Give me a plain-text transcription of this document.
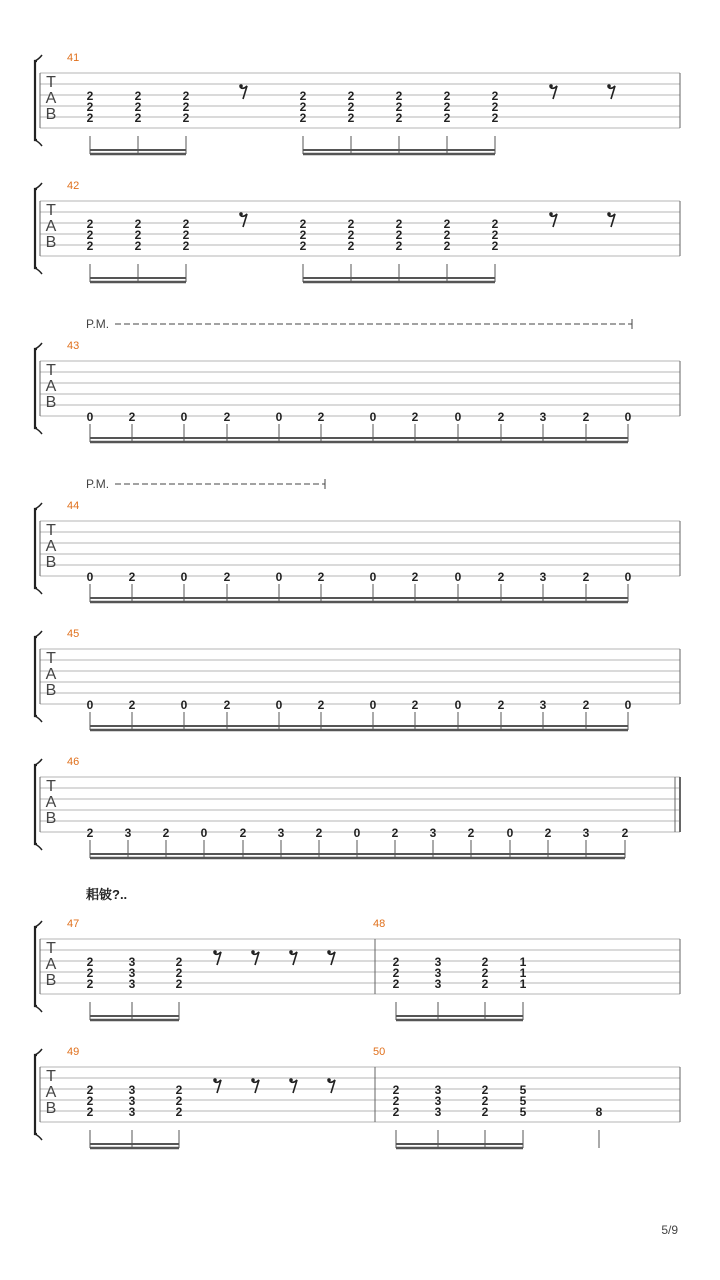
T
A
B
41
2
2
2
2
2
2
2
2
2
2
2
2
2
2
2
2
2
2
2
2
2
2
2
2
T
A
B
42
2
2
2
2
2
2
2
2
2
2
2
2
2
2
2
2
2
2
2
2
2
2
2
2
T
A
B
P.M.
43
0	2	0	2	0	2	0	2	0	2	3	2	0
T
A
B
P.M.
44
0	2	0	2	0	2	0	2	0	2	3	2	0
T
A
B
45
0	2	0	2	0	2	0	2	0	2	3	2	0
T
A
B
46
2	3	2	0	2	3	2	0	2	3	2	0	2	3	2
T
A
B
耜铍?..
47
2
2
2
3
3
3
2
2
2
48
2
2
2
3
3
3
2
2
2
1
1
1
T
A
B
49
2
2
2
3
3
3
2
2
2
50
2
2
2
3
3
3
2
2
2
5
5
5	8
5/9
